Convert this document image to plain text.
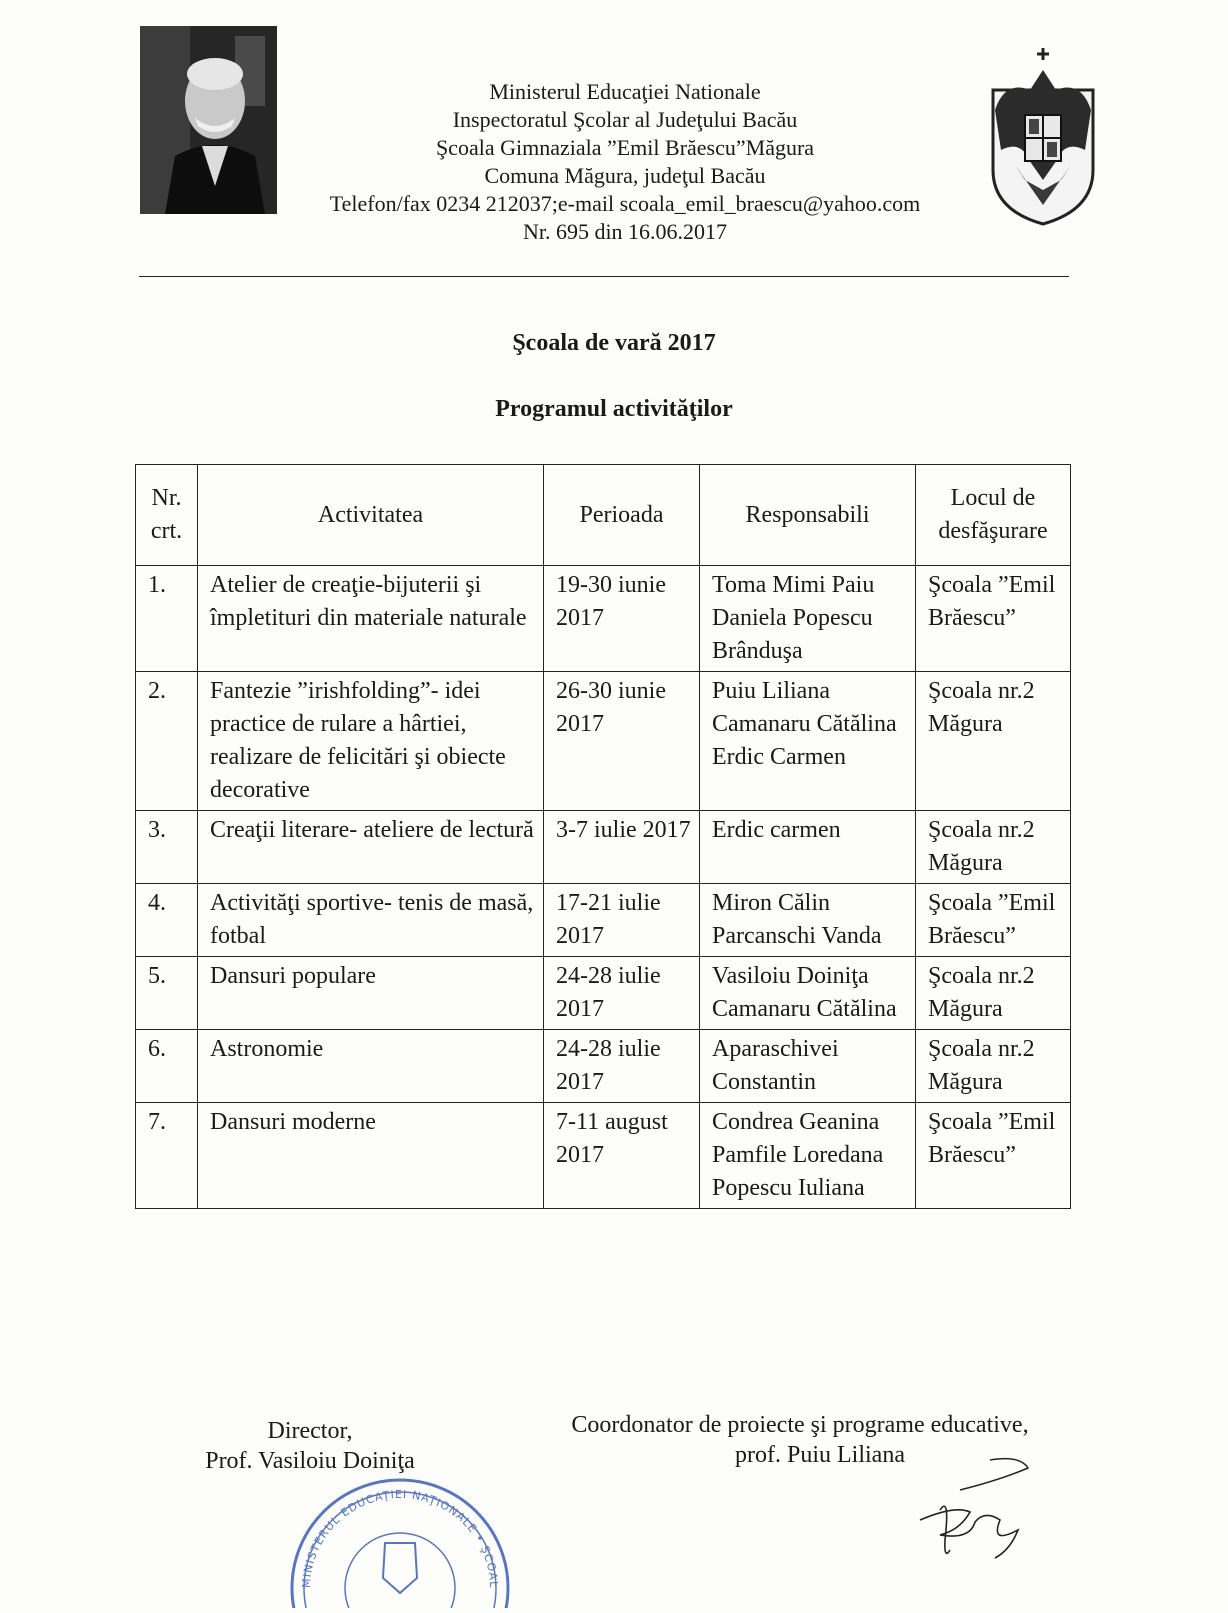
Ministerul Educaţiei Nationale
Inspectoratul Şcolar al Judeţului Bacău
Şcoala Gimnaziala ”Emil Brăescu”Măgura
Comuna Măgura, judeţul Bacău
Telefon/fax 0234 212037;e-mail scoala_emil_braescu@yahoo.com
Nr. 695 din 16.06.2017
Şcoala de vară 2017
Programul activităţilor
Nr. crt.	Activitatea	Perioada	Responsabili	Locul de desfăşurare
1.	Atelier de creaţie-bijuterii şi împletituri din materiale naturale	19-30 iunie 2017	Toma Mimi Paiu Daniela Popescu Brânduşa	Şcoala ”Emil Brăescu”
2.	Fantezie ”irishfolding”- idei practice de rulare a hârtiei, realizare de felicitări şi obiecte decorative	26-30 iunie 2017	Puiu Liliana Camanaru Cătălina Erdic Carmen	Şcoala nr.2 Măgura
3.	Creaţii literare- ateliere de lectură	3-7 iulie 2017	Erdic carmen	Şcoala nr.2 Măgura
4.	Activităţi sportive- tenis de masă, fotbal	17-21 iulie 2017	Miron Călin Parcanschi Vanda	Şcoala ”Emil Brăescu”
5.	Dansuri populare	24-28 iulie 2017	Vasiloiu Doiniţa Camanaru Cătălina	Şcoala nr.2 Măgura
6.	Astronomie	24-28 iulie 2017	Aparaschivei Constantin	Şcoala nr.2 Măgura
7.	Dansuri moderne	7-11 august 2017	Condrea Geanina Pamfile Loredana Popescu Iuliana	Şcoala ”Emil Brăescu”
MINISTERUL EDUCAŢIEI NAŢIONALE • ŞCOAL
Director,
Prof. Vasiloiu Doiniţa
Coordonator de proiecte şi programe educative,
prof. Puiu Liliana
